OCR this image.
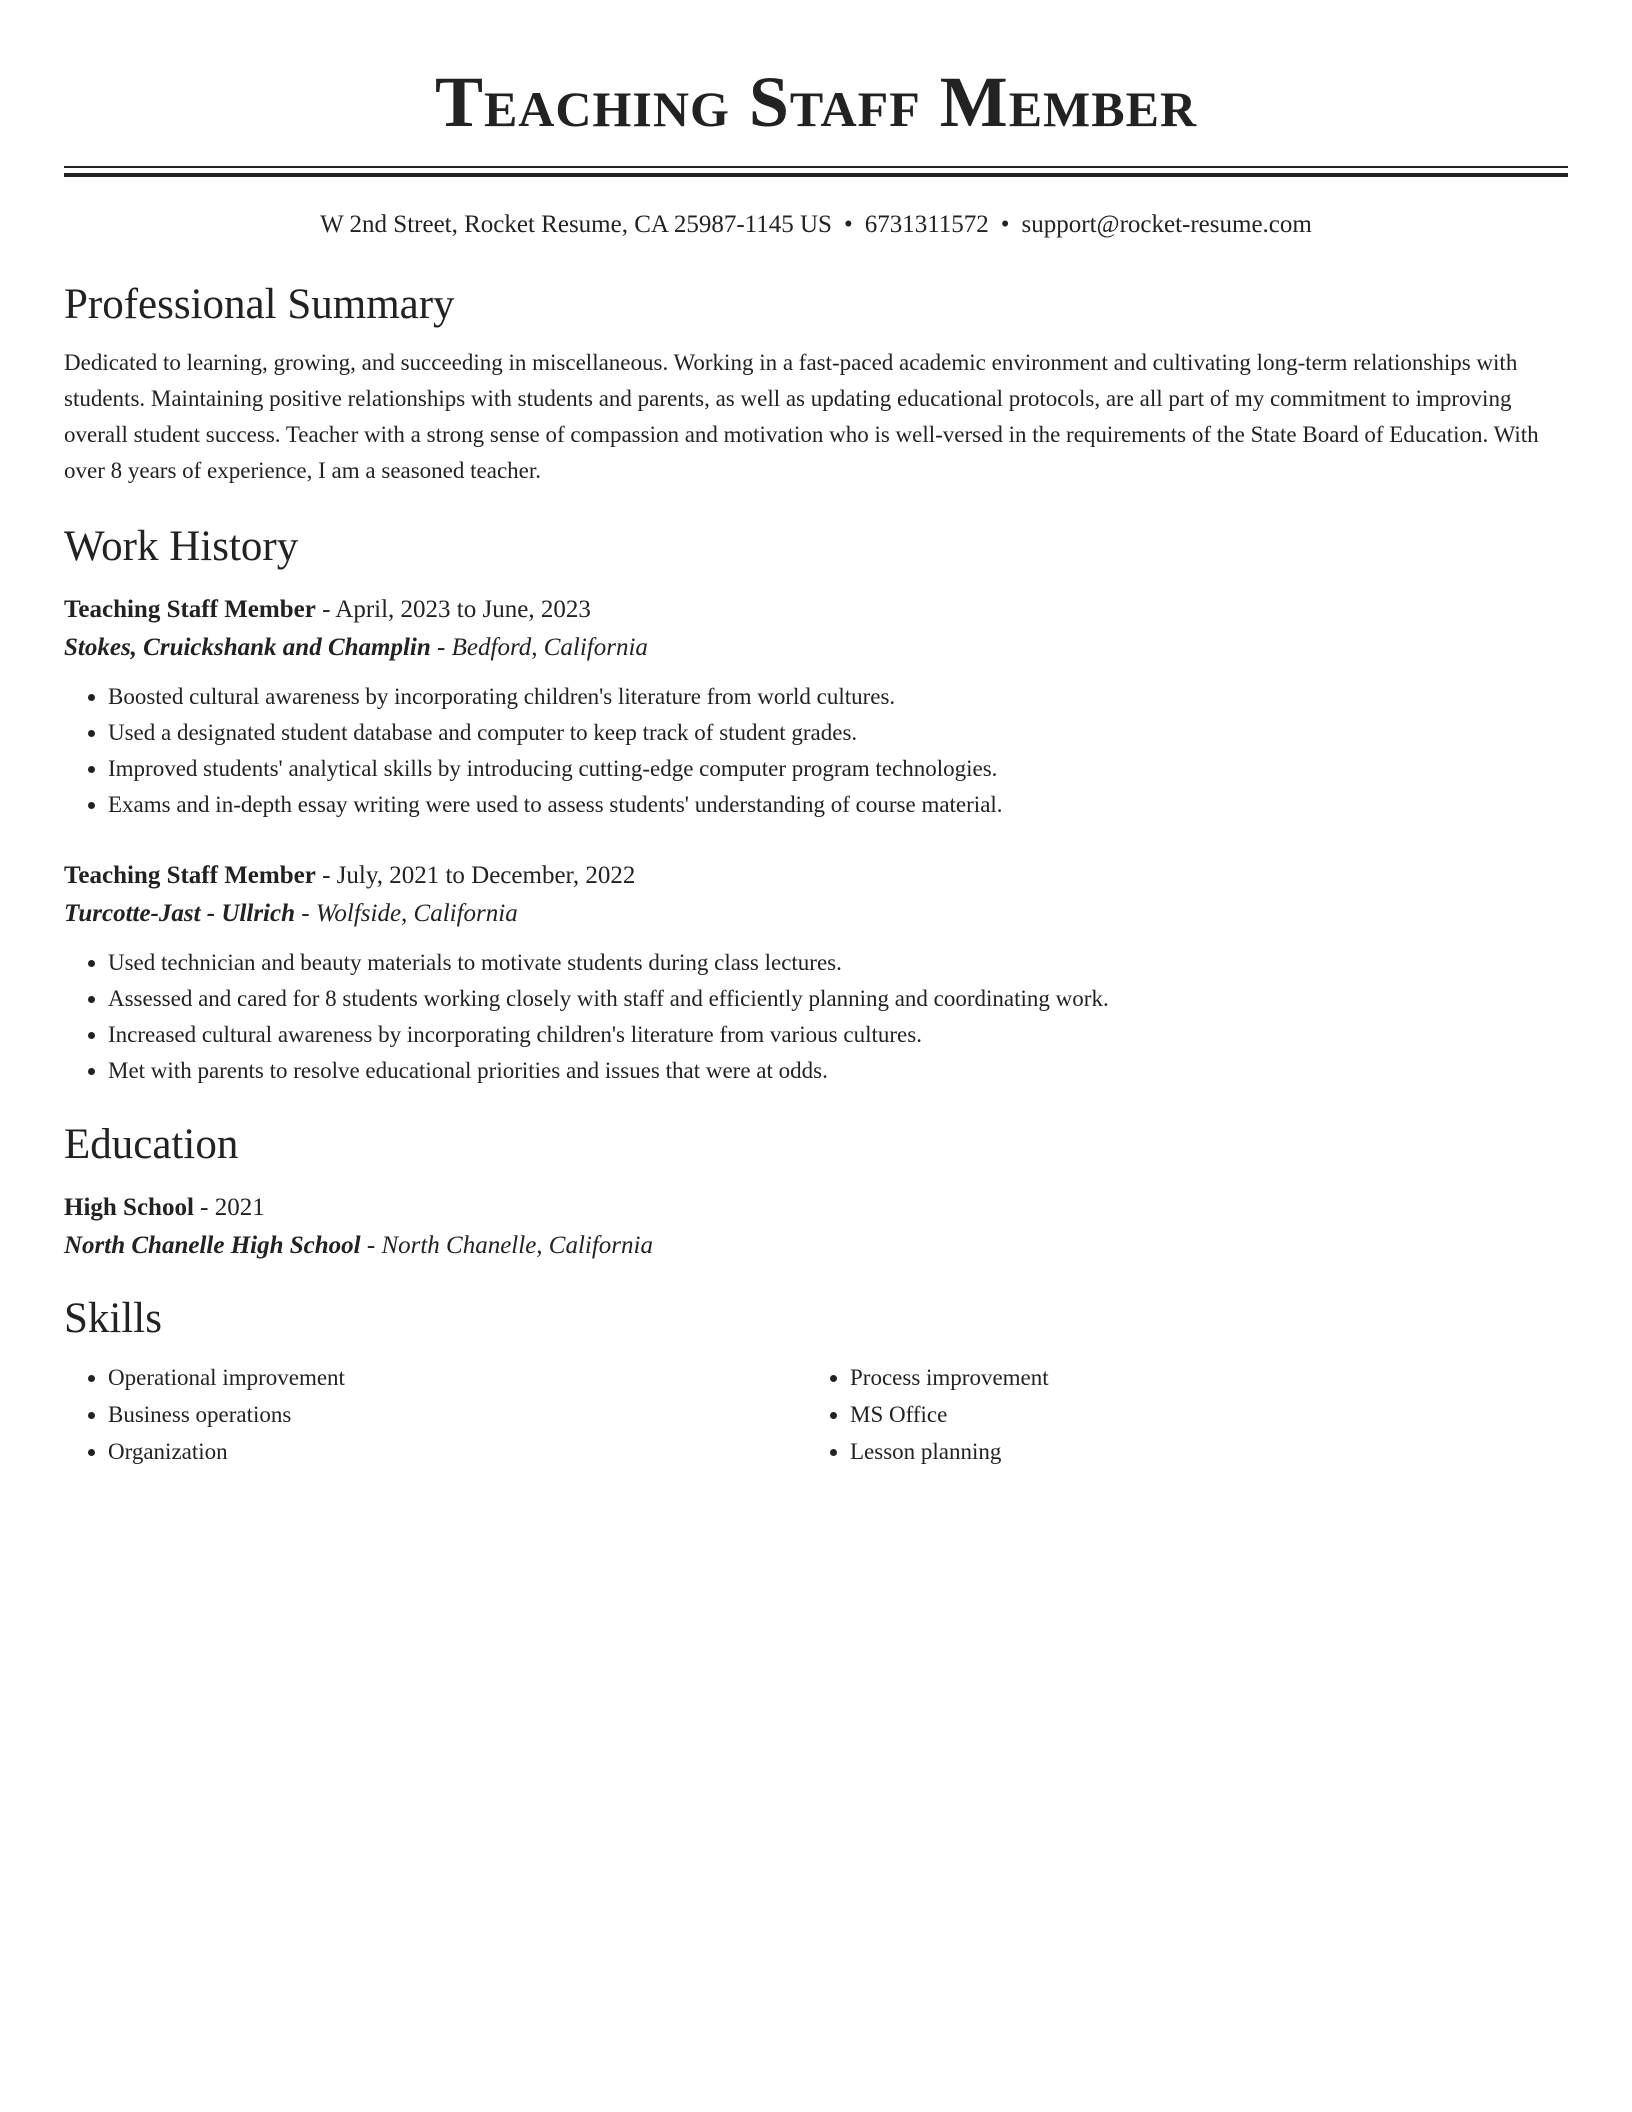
Teaching Staff Member
W 2nd Street, Rocket Resume, CA 25987-1145 US • 6731311572 • support@rocket-resume.com
Professional Summary
Dedicated to learning, growing, and succeeding in miscellaneous. Working in a fast-paced academic environment and cultivating long-term relationships with students. Maintaining positive relationships with students and parents, as well as updating educational protocols, are all part of my commitment to improving overall student success. Teacher with a strong sense of compassion and motivation who is well-versed in the requirements of the State Board of Education. With over 8 years of experience, I am a seasoned teacher.
Work History
Teaching Staff Member - April, 2023 to June, 2023
Stokes, Cruickshank and Champlin - Bedford, California
• Boosted cultural awareness by incorporating children's literature from world cultures.
• Used a designated student database and computer to keep track of student grades.
• Improved students' analytical skills by introducing cutting-edge computer program technologies.
• Exams and in-depth essay writing were used to assess students' understanding of course material.
Teaching Staff Member - July, 2021 to December, 2022
Turcotte-Jast - Ullrich - Wolfside, California
• Used technician and beauty materials to motivate students during class lectures.
• Assessed and cared for 8 students working closely with staff and efficiently planning and coordinating work.
• Increased cultural awareness by incorporating children's literature from various cultures.
• Met with parents to resolve educational priorities and issues that were at odds.
Education
High School - 2021
North Chanelle High School - North Chanelle, California
Skills
• Operational improvement
• Business operations
• Organization
• Process improvement
• MS Office
• Lesson planning
